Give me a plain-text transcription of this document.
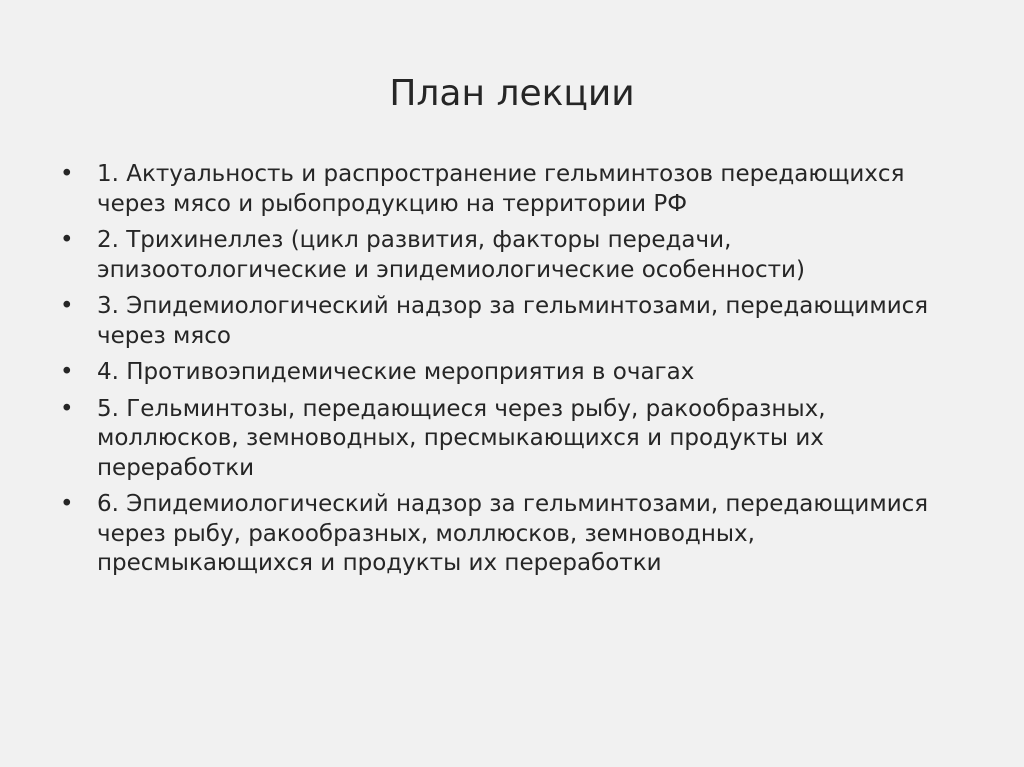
План лекции
• 1. Актуальность и распространение гельминтозов передающихся через мясо и рыбопродукцию на территории РФ
• 2. Трихинеллез (цикл развития, факторы передачи, эпизоотологические и эпидемиологические особенности)
• 3. Эпидемиологический надзор за гельминтозами, передающимися через мясо
• 4. Противоэпидемические мероприятия в очагах
• 5. Гельминтозы, передающиеся через рыбу, ракообразных, моллюсков, земноводных, пресмыкающихся и продукты их переработки
• 6. Эпидемиологический надзор за гельминтозами, передающимися через рыбу, ракообразных, моллюсков, земноводных, пресмыкающихся и продукты их переработки
